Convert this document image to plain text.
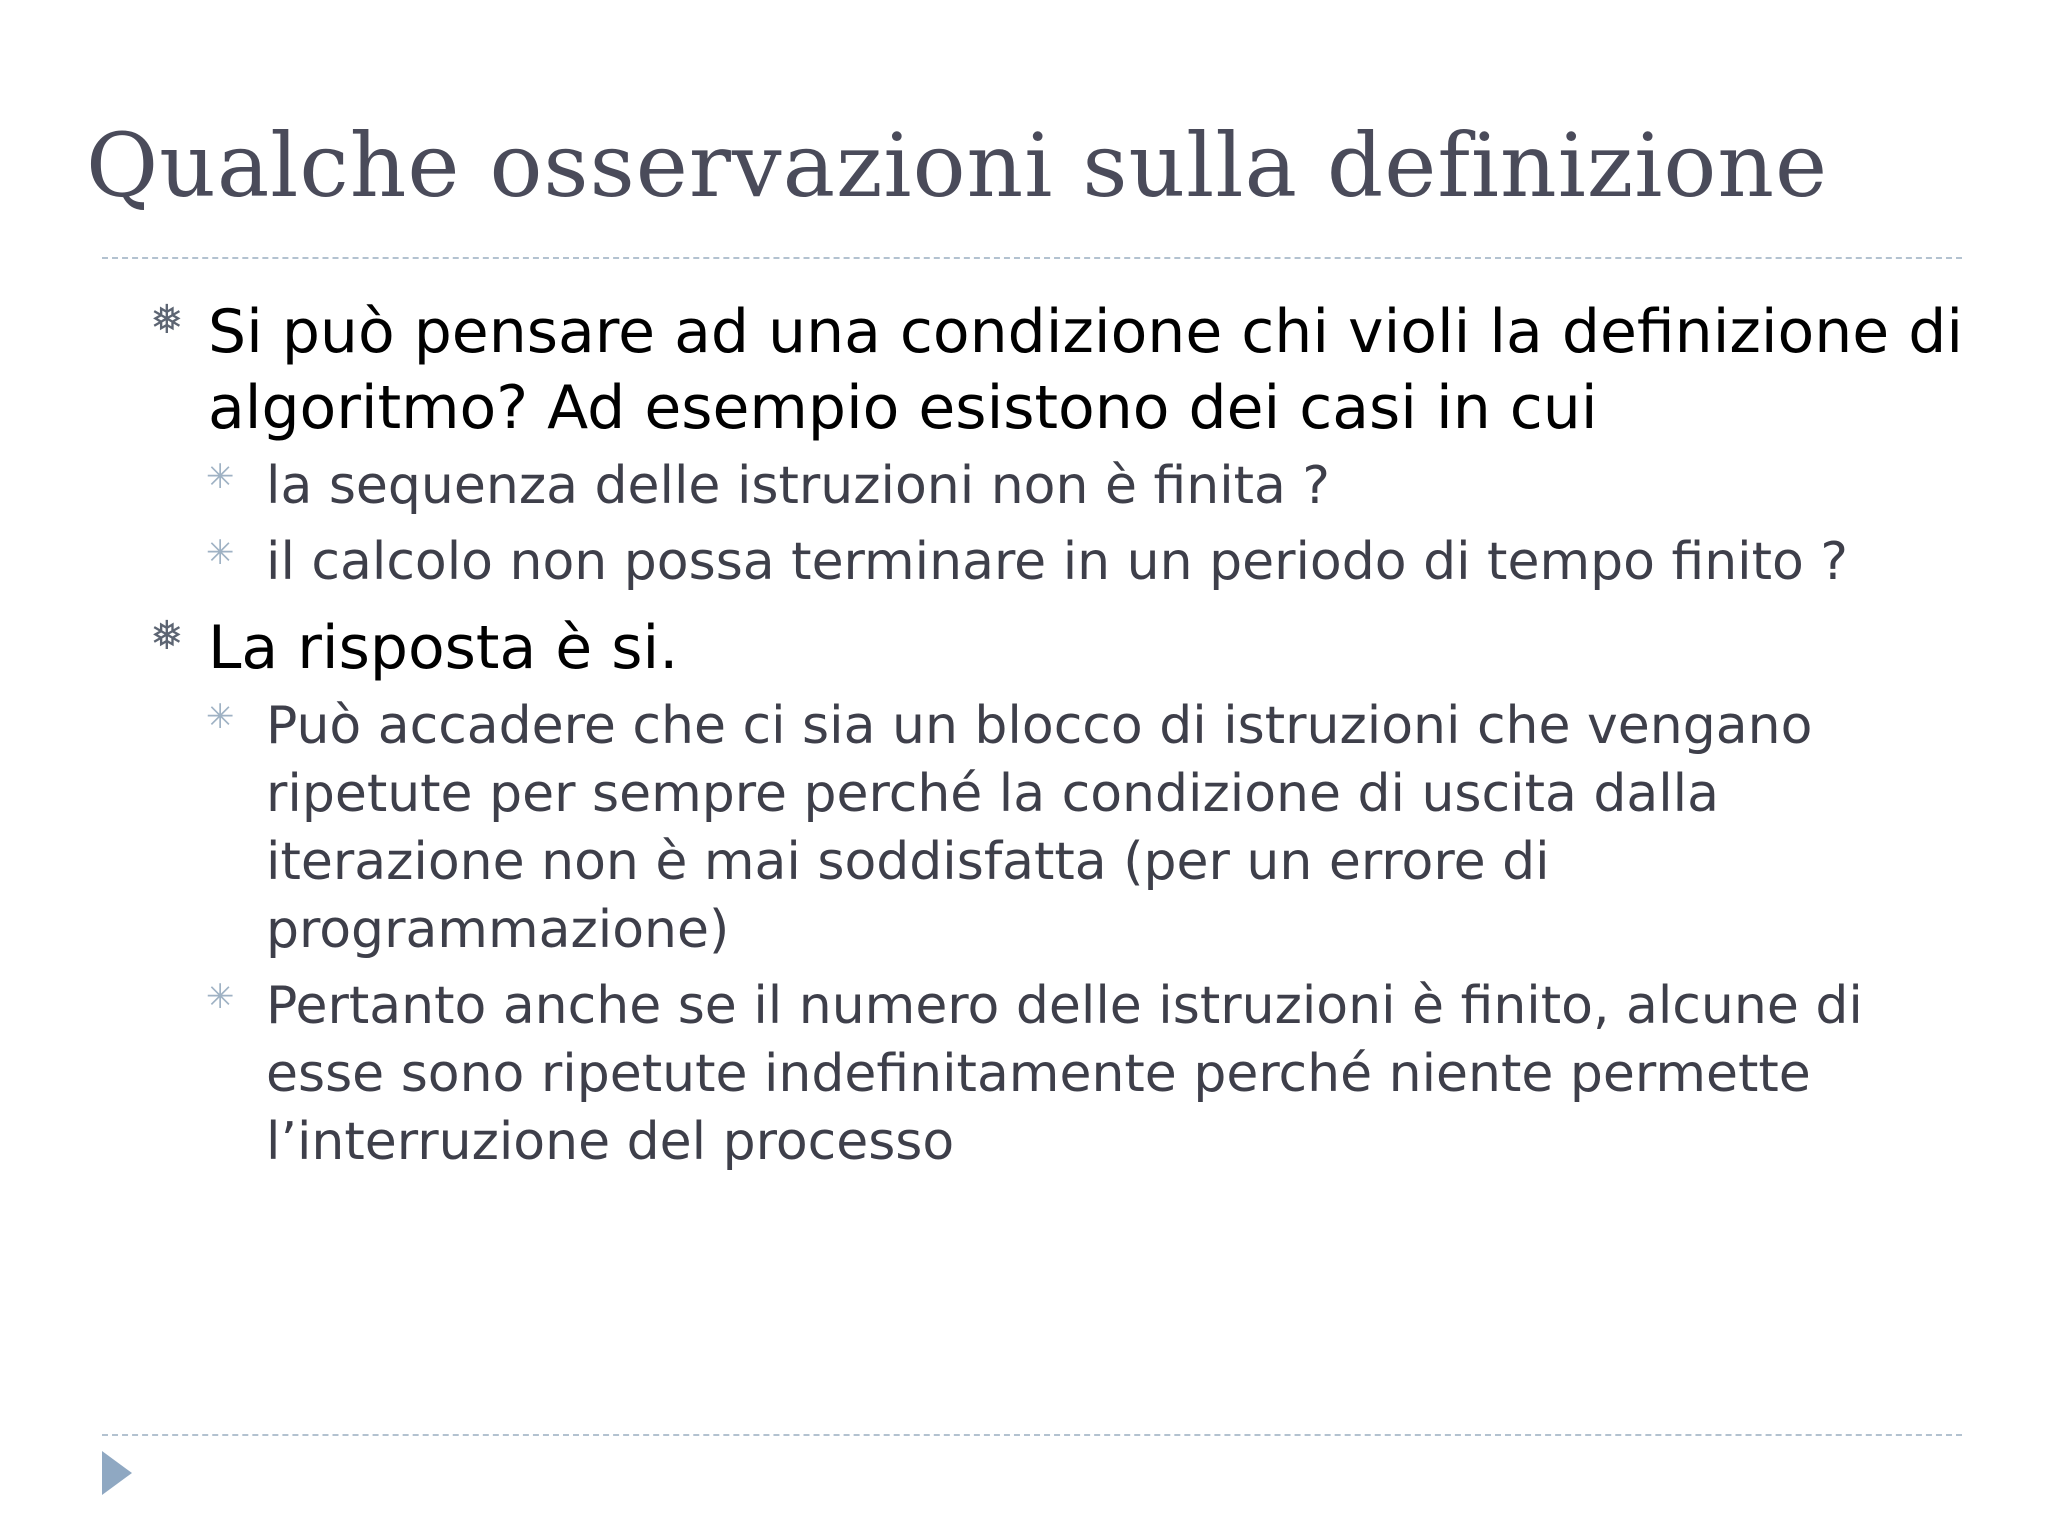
Qualche osservazioni sulla definizione

❅ Si può pensare ad una condizione chi violi la definizione di algoritmo? Ad esempio esistono dei casi in cui

✳ la sequenza delle istruzioni non è finita ?

✳ il calcolo non possa terminare in un periodo di tempo finito ?

❅ La risposta è si.

✳ Può accadere che ci sia un blocco di istruzioni che vengano ripetute per sempre perché la condizione di uscita dalla iterazione non è mai soddisfatta (per un errore di programmazione)

✳ Pertanto anche se il numero delle istruzioni è finito, alcune di esse sono ripetute indefinitamente perché niente permette l’interruzione del processo
